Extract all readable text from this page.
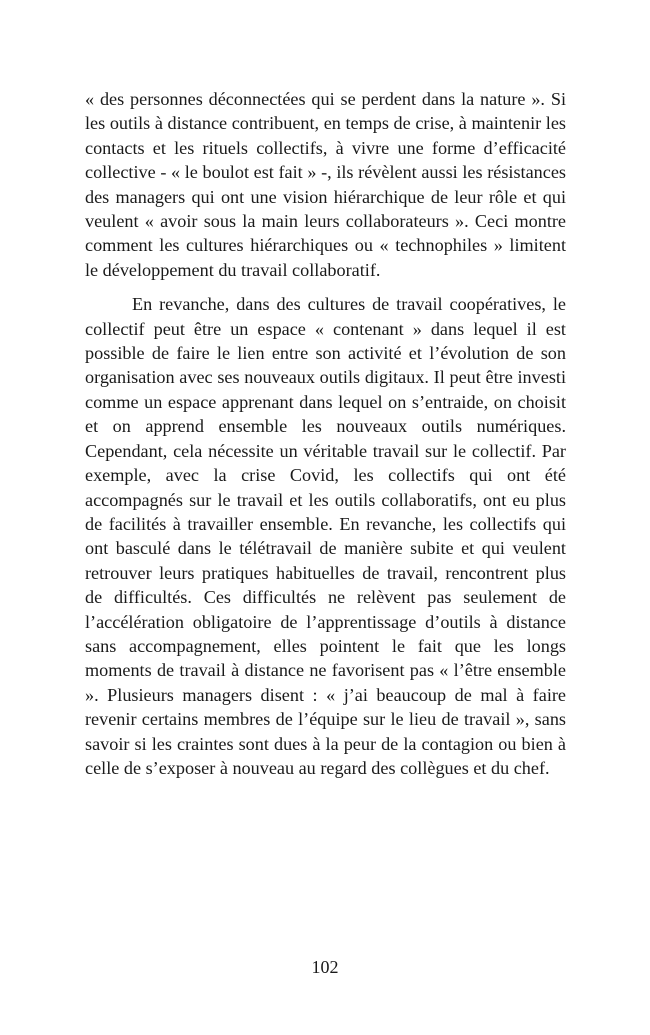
« des personnes déconnectées qui se perdent dans la nature ». Si les outils à distance contribuent, en temps de crise, à maintenir les contacts et les rituels collectifs, à vivre une forme d’efficacité collective - « le boulot est fait » -, ils révèlent aussi les résistances des managers qui ont une vision hiérarchique de leur rôle et qui veulent « avoir sous la main leurs collaborateurs ». Ceci montre comment les cultures hiérarchiques ou « technophiles » limitent le développement du travail collaboratif.

En revanche, dans des cultures de travail coopératives, le collectif peut être un espace « contenant » dans lequel il est possible de faire le lien entre son activité et l’évolution de son organisation avec ses nouveaux outils digitaux. Il peut être investi comme un espace apprenant dans lequel on s’entraide, on choisit et on apprend ensemble les nouveaux outils numériques. Cependant, cela nécessite un véritable travail sur le collectif. Par exemple, avec la crise Covid, les collectifs qui ont été accompagnés sur le travail et les outils collaboratifs, ont eu plus de facilités à travailler ensemble. En revanche, les collectifs qui ont basculé dans le télétravail de manière subite et qui veulent retrouver leurs pratiques habituelles de travail, rencontrent plus de difficultés. Ces difficultés ne relèvent pas seulement de l’accélération obligatoire de l’apprentissage d’outils à distance sans accompagnement, elles pointent le fait que les longs moments de travail à distance ne favorisent pas « l’être ensemble ». Plusieurs managers disent : « j’ai beaucoup de mal à faire revenir certains membres de l’équipe sur le lieu de travail », sans savoir si les craintes sont dues à la peur de la contagion ou bien à celle de s’exposer à nouveau au regard des collègues et du chef.

102
